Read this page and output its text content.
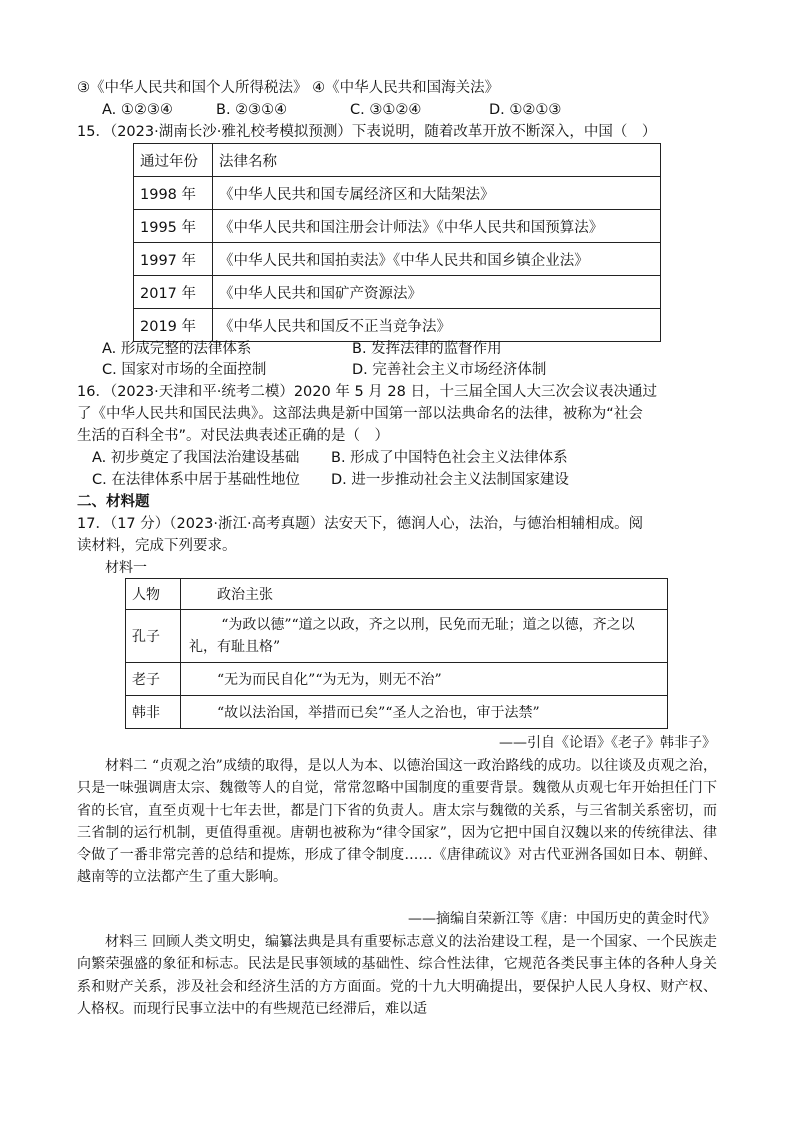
③《中华人民共和国个人所得税法》 ④《中华人民共和国海关法》
A. ①②③④	B. ②③①④	C. ③①②④	D. ①②①③
15．（2023·湖南长沙·雅礼校考模拟预测）下表说明，随着改革开放不断深入，中国（　）
通过年份	法律名称
1998 年	《中华人民共和国专属经济区和大陆架法》
1995 年	《中华人民共和国注册会计师法》《中华人民共和国预算法》
1997 年	《中华人民共和国拍卖法》《中华人民共和国乡镇企业法》
2017 年	《中华人民共和国矿产资源法》
2019 年	《中华人民共和国反不正当竞争法》
A. 形成完整的法律体系	B. 发挥法律的监督作用
C. 国家对市场的全面控制	D. 完善社会主义市场经济体制
16．（2023·天津和平·统考二模）2020 年 5 月 28 日，十三届全国人大三次会议表决通过
了《中华人民共和国民法典》。这部法典是新中国第一部以法典命名的法律，被称为“社会
生活的百科全书”。对民法典表述正确的是（　）
A. 初步奠定了我国法治建设基础 B. 形成了中国特色社会主义法律体系
C. 在法律体系中居于基础性地位 D. 进一步推动社会主义法制国家建设
二、材料题
17．（17 分）（2023·浙江·高考真题）法安天下，德润人心，法治，与德治相辅相成。阅
读材料，完成下列要求。
材料一
人物	政治主张
孔子	“为政以德”“道之以政，齐之以刑，民免而无耻；道之以德，齐之以礼，有耻且格”
老子	“无为而民自化”“为无为，则无不治”
韩非	“故以法治国，举措而已矣”“圣人之治也，审于法禁”
——引自《论语》《老子》韩非子》

材料二 “贞观之治”成绩的取得，是以人为本、以德治国这一政治路线的成功。以往谈及贞观之治，只是一味强调唐太宗、魏徵等人的自觉，常常忽略中国制度的重要背景。魏徵从贞观七年开始担任门下省的长官，直至贞观十七年去世，都是门下省的负责人。唐太宗与魏徵的关系，与三省制关系密切，而三省制的运行机制，更值得重视。唐朝也被称为“律令国家”，因为它把中国自汉魏以来的传统律法、律令做了一番非常完善的总结和提炼，形成了律令制度……《唐律疏议》对古代亚洲各国如日本、朝鲜、越南等的立法都产生了重大影响。

——摘编自荣新江等《唐：中国历史的黄金时代》

材料三 回顾人类文明史，编纂法典是具有重要标志意义的法治建设工程，是一个国家、一个民族走向繁荣强盛的象征和标志。民法是民事领域的基础性、综合性法律，它规范各类民事主体的各种人身关系和财产关系，涉及社会和经济生活的方方面面。党的十九大明确提出，要保护人民人身权、财产权、人格权。而现行民事立法中的有些规范已经滞后，难以适
